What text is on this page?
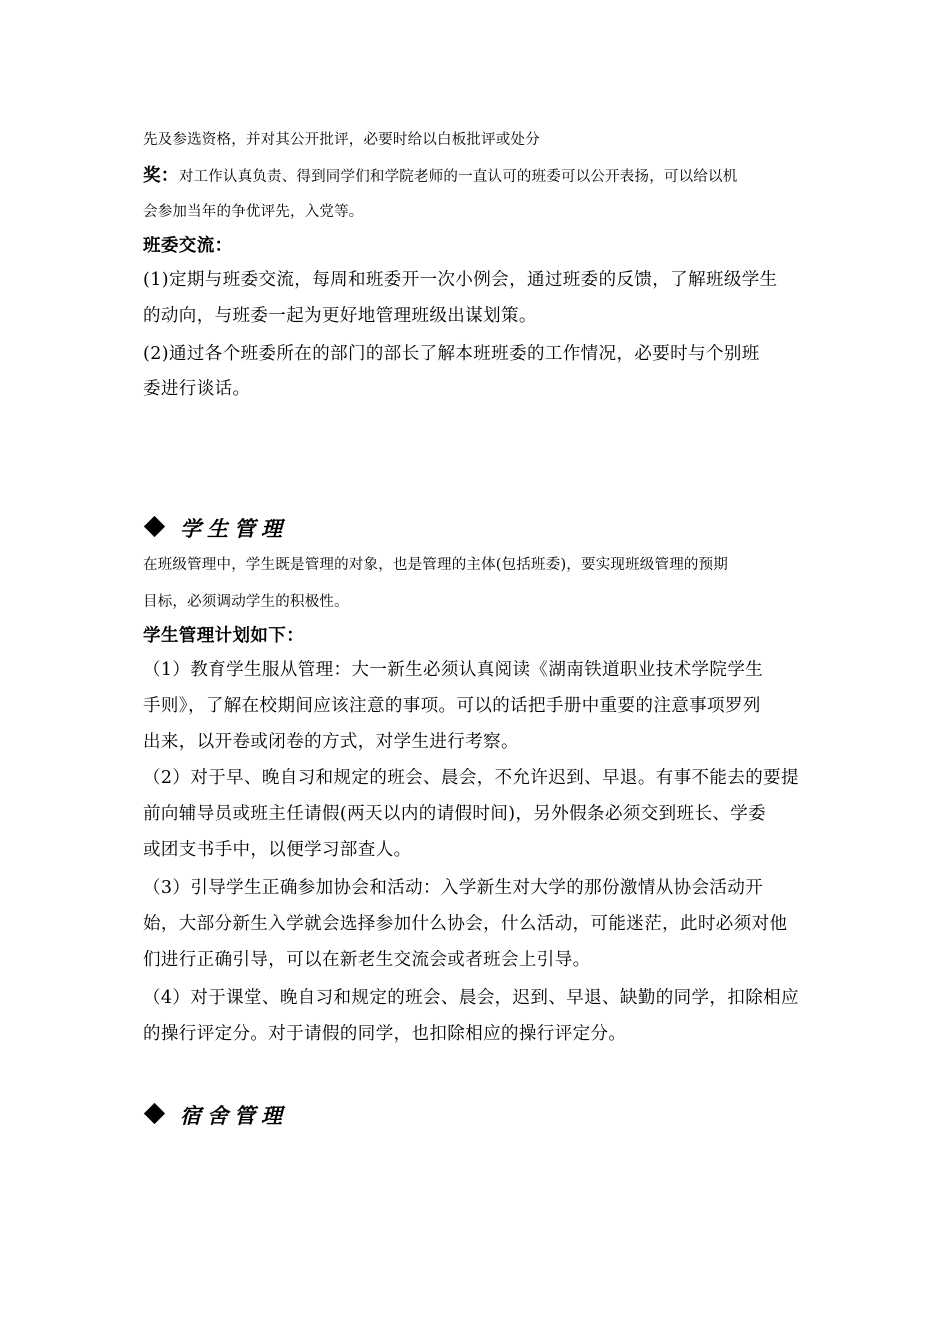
先及参选资格，并对其公开批评，必要时给以白板批评或处分
奖：对工作认真负责、得到同学们和学院老师的一直认可的班委可以公开表扬，可以给以机
会参加当年的争优评先，入党等。
班委交流：
(1)定期与班委交流，每周和班委开一次小例会，通过班委的反馈，了解班级学生
的动向，与班委一起为更好地管理班级出谋划策。
(2)通过各个班委所在的部门的部长了解本班班委的工作情况，必要时与个别班
委进行谈话。
学生管理
在班级管理中，学生既是管理的对象，也是管理的主体(包括班委)，要实现班级管理的预期
目标，必须调动学生的积极性。
学生管理计划如下：
（1）教育学生服从管理：大一新生必须认真阅读《湖南铁道职业技术学院学生
手则》，了解在校期间应该注意的事项。可以的话把手册中重要的注意事项罗列
出来，以开卷或闭卷的方式，对学生进行考察。
（2）对于早、晚自习和规定的班会、晨会，不允许迟到、早退。有事不能去的要提
前向辅导员或班主任请假(两天以内的请假时间)，另外假条必须交到班长、学委
或团支书手中，以便学习部查人。
（3）引导学生正确参加协会和活动：入学新生对大学的那份激情从协会活动开
始，大部分新生入学就会选择参加什么协会，什么活动，可能迷茫，此时必须对他
们进行正确引导，可以在新老生交流会或者班会上引导。
（4）对于课堂、晚自习和规定的班会、晨会，迟到、早退、缺勤的同学，扣除相应
的操行评定分。对于请假的同学，也扣除相应的操行评定分。
宿舍管理
